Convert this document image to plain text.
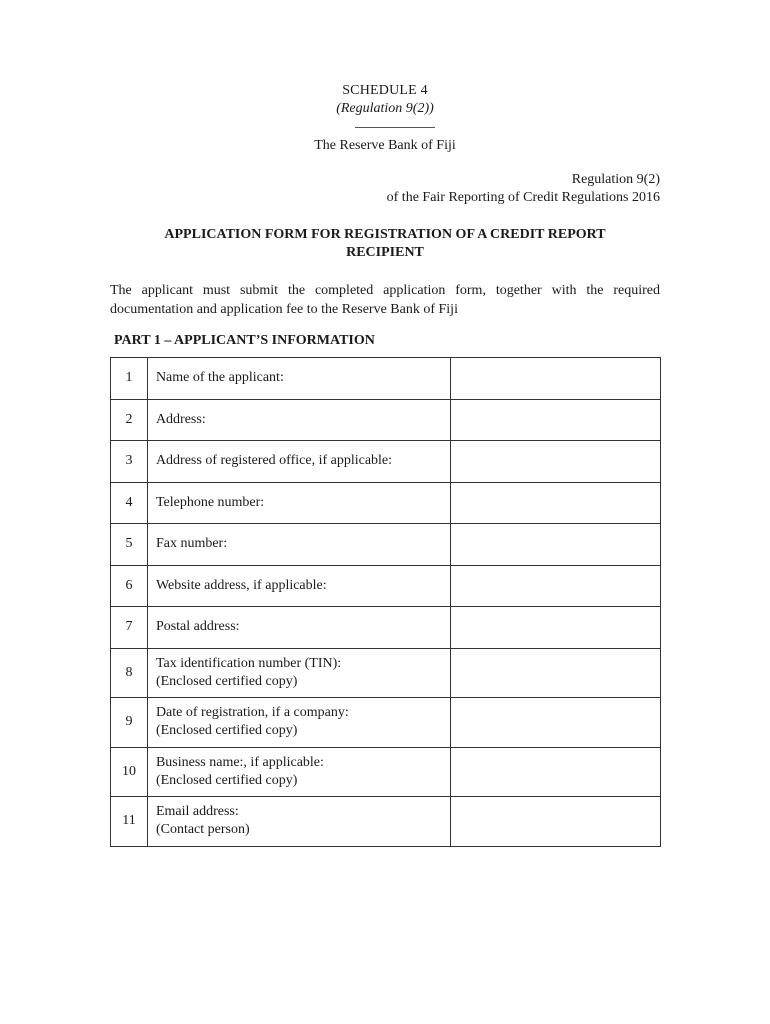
SCHEDULE 4
(Regulation 9(2))
The Reserve Bank of Fiji
Regulation 9(2)
of the Fair Reporting of Credit Regulations 2016
APPLICATION FORM FOR REGISTRATION OF A CREDIT REPORT
RECIPIENT
The applicant must submit the completed application form, together with the required documentation and application fee to the Reserve Bank of Fiji
PART 1 – APPLICANT’S INFORMATION
1	Name of the applicant:	

2	Address:	

3	Address of registered office, if applicable:	

4	Telephone number:	

5	Fax number:	

6	Website address, if applicable:	

7	Postal address:	

8	Tax identification number (TIN):
(Enclosed certified copy)	

9	Date of registration, if a company:
(Enclosed certified copy)	

10	Business name:, if applicable:
(Enclosed certified copy)	

11	Email address:
(Contact person)	
